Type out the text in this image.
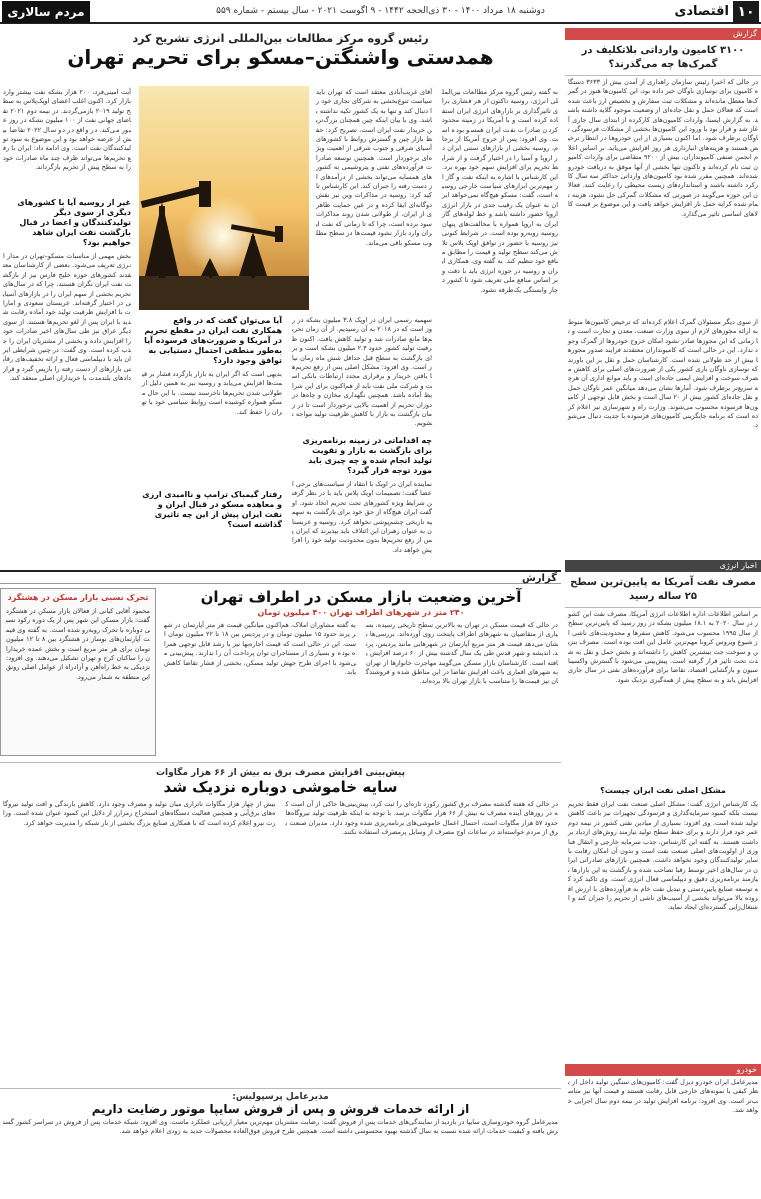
۱۰
اقتصادی
دوشنبه ۱۸ مرداد ۱۴۰۰ - ۳۰ ذی‌الحجه ۱۴۴۲ - ۹ اگوست ۲۰۲۱ - سال بیستم - شماره ۵۵۹
مردم سالاری
گزارش
۳۱۰۰ کامیون وارداتی بلاتکلیف در گمرک‌ها چه می‌گذرند؟
در حالی که اخیرا رئیس سازمان راهداری از آمدن بیش از ۳۶۳۳ دستگاه کامیون برای نوسازی ناوگان خبر داده بود، این کامیون‌ها هنوز در گمرک‌ها معطل مانده‌اند و مشکلات ثبت سفارش و تخصیص ارز باعث شده است که فعالان حمل و نقل جاده‌ای از وضعیت موجود گلایه داشته باشند. به گزارش ایسنا، واردات کامیون‌های کارکرده از ابتدای سال جاری آغاز شد و قرار بود با ورود این کامیون‌ها بخشی از مشکلات فرسودگی ناوگان برطرف شود. اما اکنون بسیاری از این خودروها در انتظار ترخیص هستند و هزینه‌های انبارداری هر روز افزایش می‌یابد. بر اساس اعلام انجمن صنفی کامیونداران، بیش از ۹۲۰۰ متقاضی برای واردات کامیون ثبت نام کرده‌اند و تاکنون تنها بخشی از آنها موفق به دریافت خودرو شده‌اند. همچنین مقرر شده بود کامیون‌های وارداتی حداکثر سه سال کارکرد داشته باشند و استانداردهای زیست محیطی را رعایت کنند. فعالان این حوزه می‌گویند در صورتی که مشکلات گمرکی حل نشود، هزینه تمام شده کرایه حمل بار افزایش خواهد یافت و این موضوع بر قیمت کالاهای اساسی تاثیر می‌گذارد.
از سوی دیگر مسئولان گمرک اعلام کرده‌اند که ترخیص کامیون‌ها منوط به ارائه مجوزهای لازم از سوی وزارت صنعت، معدن و تجارت است و تا زمانی که این مجوزها صادر نشود امکان خروج خودروها از گمرک وجود ندارد. این در حالی است که کامیونداران معتقدند فرایند صدور مجوزها بیش از حد طولانی شده است. کارشناسان حمل و نقل بر این باورند که نوسازی ناوگان باری کشور یکی از ضرورت‌های اصلی برای کاهش مصرف سوخت و افزایش ایمنی جاده‌ای است و باید موانع اداری آن هرچه سریع‌تر برطرف شود. آمارها نشان می‌دهد میانگین عمر ناوگان حمل و نقل جاده‌ای کشور بیش از ۲۰ سال است و بخش قابل توجهی از کامیون‌ها فرسوده محسوب می‌شوند. وزارت راه و شهرسازی نیز اعلام کرده است که برنامه جایگزینی کامیون‌های فرسوده با جدیت دنبال می‌شود.
اخبار انرژی
مصرف نفت آمریکا به پایین‌ترین سطح ۲۵ ساله رسید
بر اساس اطلاعات اداره اطلاعات انرژی آمریکا، مصرف نفت این کشور در سال ۲۰۲۰ به ۱۸.۱ میلیون بشکه در روز رسید که پایین‌ترین سطح از سال ۱۹۹۵ محسوب می‌شود. کاهش سفرها و محدودیت‌های ناشی از شیوع ویروس کرونا مهم‌ترین عامل این افت بوده است. مصرف بنزین و سوخت جت بیشترین کاهش را داشته‌اند و بخش حمل و نقل به شدت تحت تاثیر قرار گرفته است. پیش‌بینی می‌شود با گسترش واکسیناسیون و بازگشایی اقتصاد، تقاضا برای فرآورده‌های نفتی در سال جاری افزایش یابد و به سطح پیش از همه‌گیری نزدیک شود.
مشکل اصلی نفت ایران چیست؟
یک کارشناس انرژی گفت: مشکل اصلی صنعت نفت ایران فقط تحریم نیست بلکه کمبود سرمایه‌گذاری و فرسودگی تجهیزات نیز باعث کاهش تولید شده است. وی افزود: بسیاری از میادین نفتی کشور در نیمه دوم عمر خود قرار دارند و برای حفظ سطح تولید نیازمند روش‌های ازدیاد برداشت هستند. به گفته این کارشناس، جذب سرمایه خارجی و انتقال فناوری از اولویت‌های اصلی صنعت نفت است و بدون آن امکان رقابت با سایر تولیدکنندگان وجود نخواهد داشت. همچنین بازارهای صادراتی ایران در سال‌های اخیر توسط رقبا تصاحب شده و بازگشت به این بازارها نیازمند برنامه‌ریزی دقیق و دیپلماسی فعال انرژی است. وی تاکید کرد که توسعه صنایع پایین‌دستی و تبدیل نفت خام به فرآورده‌های با ارزش افزوده بالا می‌تواند بخشی از آسیب‌های ناشی از تحریم را جبران کند و اشتغال‌زایی گسترده‌ای ایجاد نماید.
خودرو
مدیرعامل ایران خودرو دیزل گفت: کامیون‌های سنگین تولید داخل از نظر کیفی با نمونه‌های خارجی قابل رقابت هستند و قیمت آنها نیز مناسب‌تر است. وی افزود: برنامه افزایش تولید در نیمه دوم سال اجرایی خواهد شد.
رئیس گروه مرکز مطالعات بین‌المللی انرژی تشریح کرد
همدستی واشنگتن–مسکو برای تحریم تهران
به گفته رئیس گروه مرکز مطالعات بین‌المللی انرژی، روسیه تاکنون از هر فشاری برای تاثیرگذاری بر بازارهای انرژی ایران استفاده کرده است و با آمریکا در زمینه محدود کردن صادرات نفت ایران همسو بوده است. وی افزود: پس از خروج آمریکا از برجام، روسیه بخشی از بازارهای سنتی ایران در اروپا و آسیا را در اختیار گرفت و از شرایط تحریم برای افزایش سهم خود بهره برد. این کارشناس با اشاره به اینکه نفت و گاز از مهم‌ترین ابزارهای سیاست خارجی روسیه است، گفت: مسکو هیچ‌گاه نمی‌خواهد ایران به عنوان یک رقیب جدی در بازار انرژی اروپا حضور داشته باشد و خط لوله‌های گاز ایران به اروپا همواره با مخالفت‌های پنهان روسیه روبه‌رو بوده است. در شرایط کنونی نیز روسیه با حضور در توافق اوپک پلاس تلاش می‌کند سطح تولید و قیمت را مطابق منافع خود تنظیم کند. به گفته وی، همکاری ایران و روسیه در حوزه انرژی باید با دقت و بر اساس منافع ملی تعریف شود تا کشور دچار وابستگی یک‌طرفه نشود.
آقای غریب‌آبادی معتقد است که تهران باید سیاست تنوع‌بخشی به شرکای تجاری خود را دنبال کند و تنها به یک کشور تکیه نداشته باشد. وی با بیان اینکه چین همچنان بزرگ‌ترین خریدار نفت ایران است، تصریح کرد: حفظ بازار چین و گسترش روابط با کشورهای آسیای شرقی و جنوب شرقی از اهمیت ویژه‌ای برخوردار است. همچنین توسعه صادرات فرآورده‌های نفتی و پتروشیمی به کشورهای همسایه می‌تواند بخشی از درآمدهای از دست رفته را جبران کند. این کارشناس تاکید کرد: روسیه در مذاکرات وین نیز نقش دوگانه‌ای ایفا کرده و در عین حمایت ظاهری از ایران، از طولانی شدن روند مذاکرات سود برده است، چرا که تا زمانی که نفت ایران وارد بازار نشود قیمت‌ها در سطح مطلوب مسکو باقی می‌ماند.
آیت امینی‌فرد، ۲۰۰ هزار بشکه نفت بیشتر وارد بازار کرد. اکنون اغلب اعضای اوپک‌پلاس به سطح تولید ۲۰۱۹ بازمی‌گردند. در نیمه دوم ۲۰۲۱ تقاضای جهانی نفت از ۱۰۰ میلیون بشکه در روز عبور می‌کند. در واقع در دو سال ۲۰۲۲ تقاضا بیش از عرضه خواهد بود و این موضوع به سود تولیدکنندگان نفت است. وی ادامه داد: ایران با رفع تحریم‌ها می‌تواند ظرف چند ماه صادرات خود را به سطح پیش از تحریم بازگرداند.
غیر از روسیه آیا با کشورهای دیگری از سوی دیگر تولیدکنندگان و اعضا در قبال بازگشت نفت ایران شاهد خواهیم بود؟
بخش مهمی از مناسبات مسکو–تهران در مدار انرژی تعریف می‌شود. بعضی از کارشناسان معتقدند کشورهای حوزه خلیج فارس نیز از بازگشت نفت ایران نگران هستند، چرا که در سال‌های تحریم بخشی از سهم ایران را در بازارهای آسیایی در اختیار گرفته‌اند. عربستان سعودی و امارات با افزایش ظرفیت تولید خود آماده رقابت شدید با ایران پس از لغو تحریم‌ها هستند. از سوی دیگر عراق نیز طی سال‌های اخیر صادرات خود را افزایش داده و بخشی از مشتریان ایران را جذب کرده است. وی گفت: در چنین شرایطی ایران باید با دیپلماسی فعال و ارائه تخفیف‌های رقابتی بازارهای از دست رفته را بازپس گیرد و قراردادهای بلندمدت با خریداران اصلی منعقد کند.
سهمیه رسمی ایران در اوپک ۳.۸ میلیون بشکه در روز است که در ۲۰۱۸ به آن رسیدیم. از آن زمان تحریم‌ها مانع صادرات شد و تولید کاهش یافت. اکنون ظرفیت تولید کشور حدود ۲.۴ میلیون بشکه است و برای بازگشت به سطح قبل حداقل شش ماه زمان نیاز است. وی افزود: مشکل اصلی پس از رفع تحریم‌ها یافتن خریدار و برقراری مجدد ارتباطات بانکی است و شرکت ملی نفت باید از هم‌اکنون برای این شرایط آماده باشد. همچنین نگهداری مخازن و چاه‌ها در دوران تحریم از اهمیت بالایی برخوردار است تا در زمان بازگشت به بازار با کاهش ظرفیت تولید مواجه نشویم.
چه اقداماتی در زمینه برنامه‌ریزی برای بازگشت به بازار و تقویت تولید انجام شده و چه چیزی باید مورد توجه قرار گیرد؟
نماینده ایران در اوپک با انتقاد از سیاست‌های برخی اعضا گفت: تصمیمات اوپک پلاس باید با در نظر گرفتن شرایط ویژه کشورهای تحت تحریم اتخاذ شود. او گفت ایران هیچ‌گاه از حق خود برای بازگشت به سهمیه تاریخی چشم‌پوشی نخواهد کرد. روسیه و عربستان به عنوان رهبران این ائتلاف باید بپذیرند که ایران پس از رفع تحریم‌ها بدون محدودیت تولید خود را افزایش خواهد داد.
آیا می‌توان گفت که در واقع همکاری نفت ایران در مقطع تحریم در آمریکا و ضرورت‌های فرسوده آیا به‌طور منطقی احتمال دستیابی به توافق وجود دارد؟
بدیهی است که اگر ایران به بازار بازگردد فشار بر قیمت‌ها افزایش می‌یابد و روسیه نیز به همین دلیل از طولانی شدن تحریم‌ها ناخرسند نیست. با این حال مسکو همواره کوشیده است روابط سیاسی خود با تهران را حفظ کند.
رفتار گیمباک ترامپ و ناامیدی ارزی و معاهده مسکو در قبال ایران و نفت ایران پیش از این چه تاثیری گذاشته است؟
گزارش
آخرین وضعیت بازار مسکن در اطراف تهران
۲۴۰ متر در شهرهای اطراف تهران ۴۰۰ میلیون تومان
در حالی که قیمت مسکن در تهران به بالاترین سطح تاریخی رسیده، بسیاری از متقاضیان به شهرهای اطراف پایتخت روی آورده‌اند. بررسی‌ها نشان می‌دهد قیمت هر متر مربع آپارتمان در شهرهایی مانند پردیس، پرند، اندیشه و شهر قدس طی یک سال گذشته بیش از ۶۰ درصد افزایش یافته است. کارشناسان بازار مسکن می‌گویند مهاجرت خانوارها از تهران به شهرهای اقماری باعث افزایش تقاضا در این مناطق شده و فروشندگان نیز قیمت‌ها را متناسب با بازار تهران بالا برده‌اند.
به گفته مشاوران املاک، هم‌اکنون میانگین قیمت هر متر آپارتمان در شهر پرند حدود ۱۵ میلیون تومان و در پردیس بین ۱۸ تا ۲۲ میلیون تومان است. این در حالی است که قیمت اجاره‌بها نیز با رشد قابل توجهی همراه بوده و بسیاری از مستاجران توان پرداخت آن را ندارند. پیش‌بینی می‌شود با اجرای طرح جهش تولید مسکن، بخشی از فشار تقاضا کاهش یابد.
تحرک نسبی بازار مسکن در هشتگرد
محمود آقایی کیانی از فعالان بازار مسکن در هشتگرد گفت: بازار مسکن این شهر پس از یک دوره رکود نسبی دوباره با تحرک روبه‌رو شده است. به گفته وی قیمت آپارتمان‌های نوساز در هشتگرد بین ۸ تا ۱۲ میلیون تومان برای هر متر مربع است و بخش عمده خریداران را ساکنان کرج و تهران تشکیل می‌دهند. وی افزود: نزدیکی به خط راه‌آهن و آزادراه از عوامل اصلی رونق این منطقه به شمار می‌رود.
پیش‌بینی افزایش مصرف برق به بیش از ۶۶ هزار مگاوات
سایه خاموشی دوباره نزدیک شد
در حالی که هفته گذشته مصرف برق کشور رکورد تازه‌ای را ثبت کرد، پیش‌بینی‌ها حاکی از آن است که در روزهای آینده مصرف به بیش از ۶۶ هزار مگاوات برسد. با توجه به اینکه ظرفیت تولید نیروگاه‌ها حدود ۵۷ هزار مگاوات است، احتمال اعمال خاموشی‌های برنامه‌ریزی شده وجود دارد. مدیران صنعت برق از مردم خواسته‌اند در ساعات اوج مصرف از وسایل پرمصرف استفاده نکنند.
بیش از چهار هزار مگاوات ناترازی میان تولید و مصرف وجود دارد. کاهش بارندگی و افت تولید نیروگاه‌های برق‌آبی و همچنین فعالیت دستگاه‌های استخراج رمزارز از دلایل این کمبود عنوان شده است. وزارت نیرو اعلام کرده است که با همکاری صنایع بزرگ بخشی از بار شبکه را مدیریت خواهد کرد.
مدیرعامل پرسپولیس:
از ارائه خدمات فروش و پس از فروش سایپا موتور رضایت داریم
مدیرعامل گروه خودروسازی سایپا در بازدید از نمایندگی‌های خدمات پس از فروش گفت: رضایت مشتریان مهم‌ترین معیار ارزیابی عملکرد ماست. وی افزود: شبکه خدمات پس از فروش در سراسر کشور گسترش یافته و کیفیت خدمات ارائه شده نسبت به سال گذشته بهبود محسوسی داشته است. همچنین طرح فروش فوق‌العاده محصولات جدید به زودی اعلام خواهد شد.
